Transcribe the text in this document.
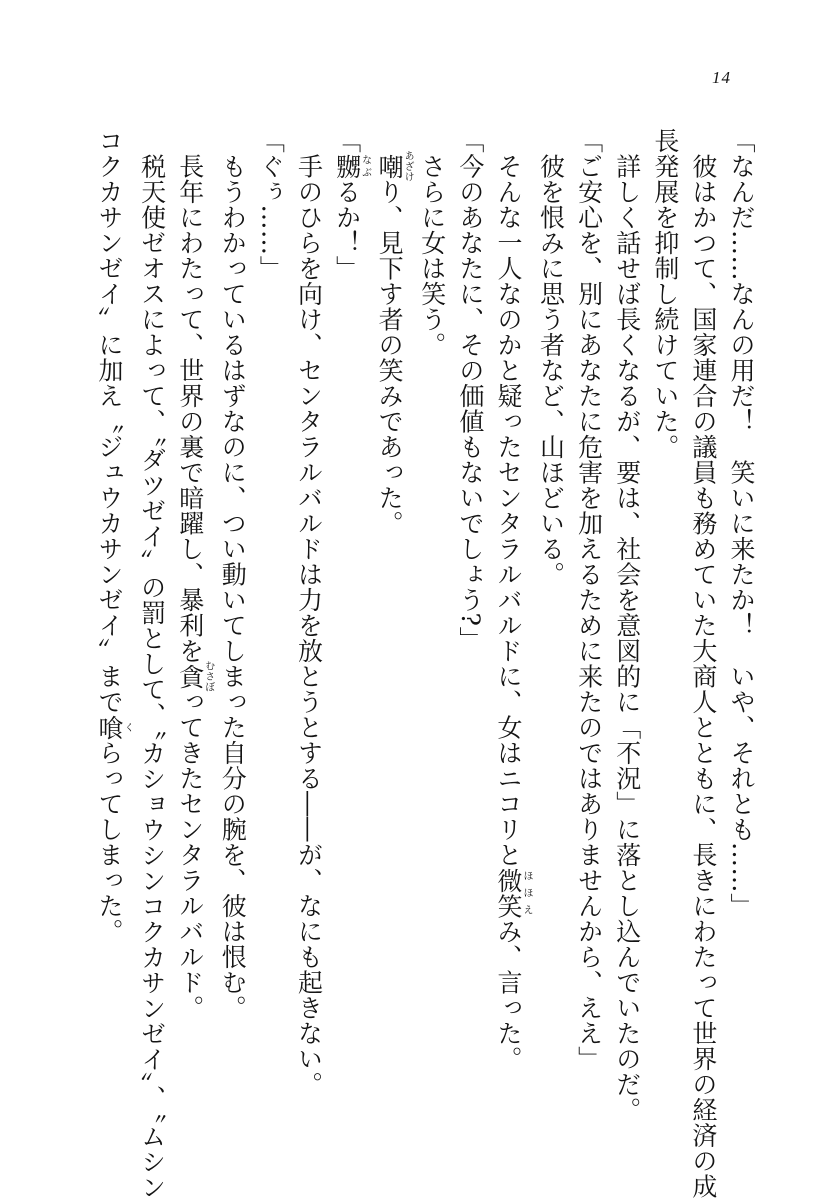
14
「なんだ……なんの用だ！　笑いに来たか！　いや、それとも……」
　彼はかつて、国家連合の議員も務めていた大商人とともに、長きにわたって世界の経済の成
長発展を抑制し続けていた。
　詳しく話せば長くなるが、要は、社会を意図的に「不況」に落とし込んでいたのだ。
「ご安心を、別にあなたに危害を加えるために来たのではありませんから、ええ」
　彼を恨みに思う者など、山ほどいる。
　そんな一人なのかと疑ったセンタラルバルドに、女はニコリと微笑ほほえみ、言った。
「今のあなたに、その価値もないでしょう?」
　さらに女は笑う。
　嘲あざけり、見下す者の笑みであった。
「嬲なぶるか！」
　手のひらを向け、センタラルバルドは力を放とうとする――が、なにも起きない。
「ぐぅ……」
　もうわかっているはずなのに、つい動いてしまった自分の腕を、彼は恨む。
　長年にわたって、世界の裏で暗躍し、暴利を貪むさぼってきたセンタラルバルド。
　税天使ゼオスによって、〝ダツゼイ〟の罰として、〝カショウシンコクカサンゼイ〟、〝ムシン
コクカサンゼイ〟に加え〝ジュウカサンゼイ〟まで喰くらってしまった。
